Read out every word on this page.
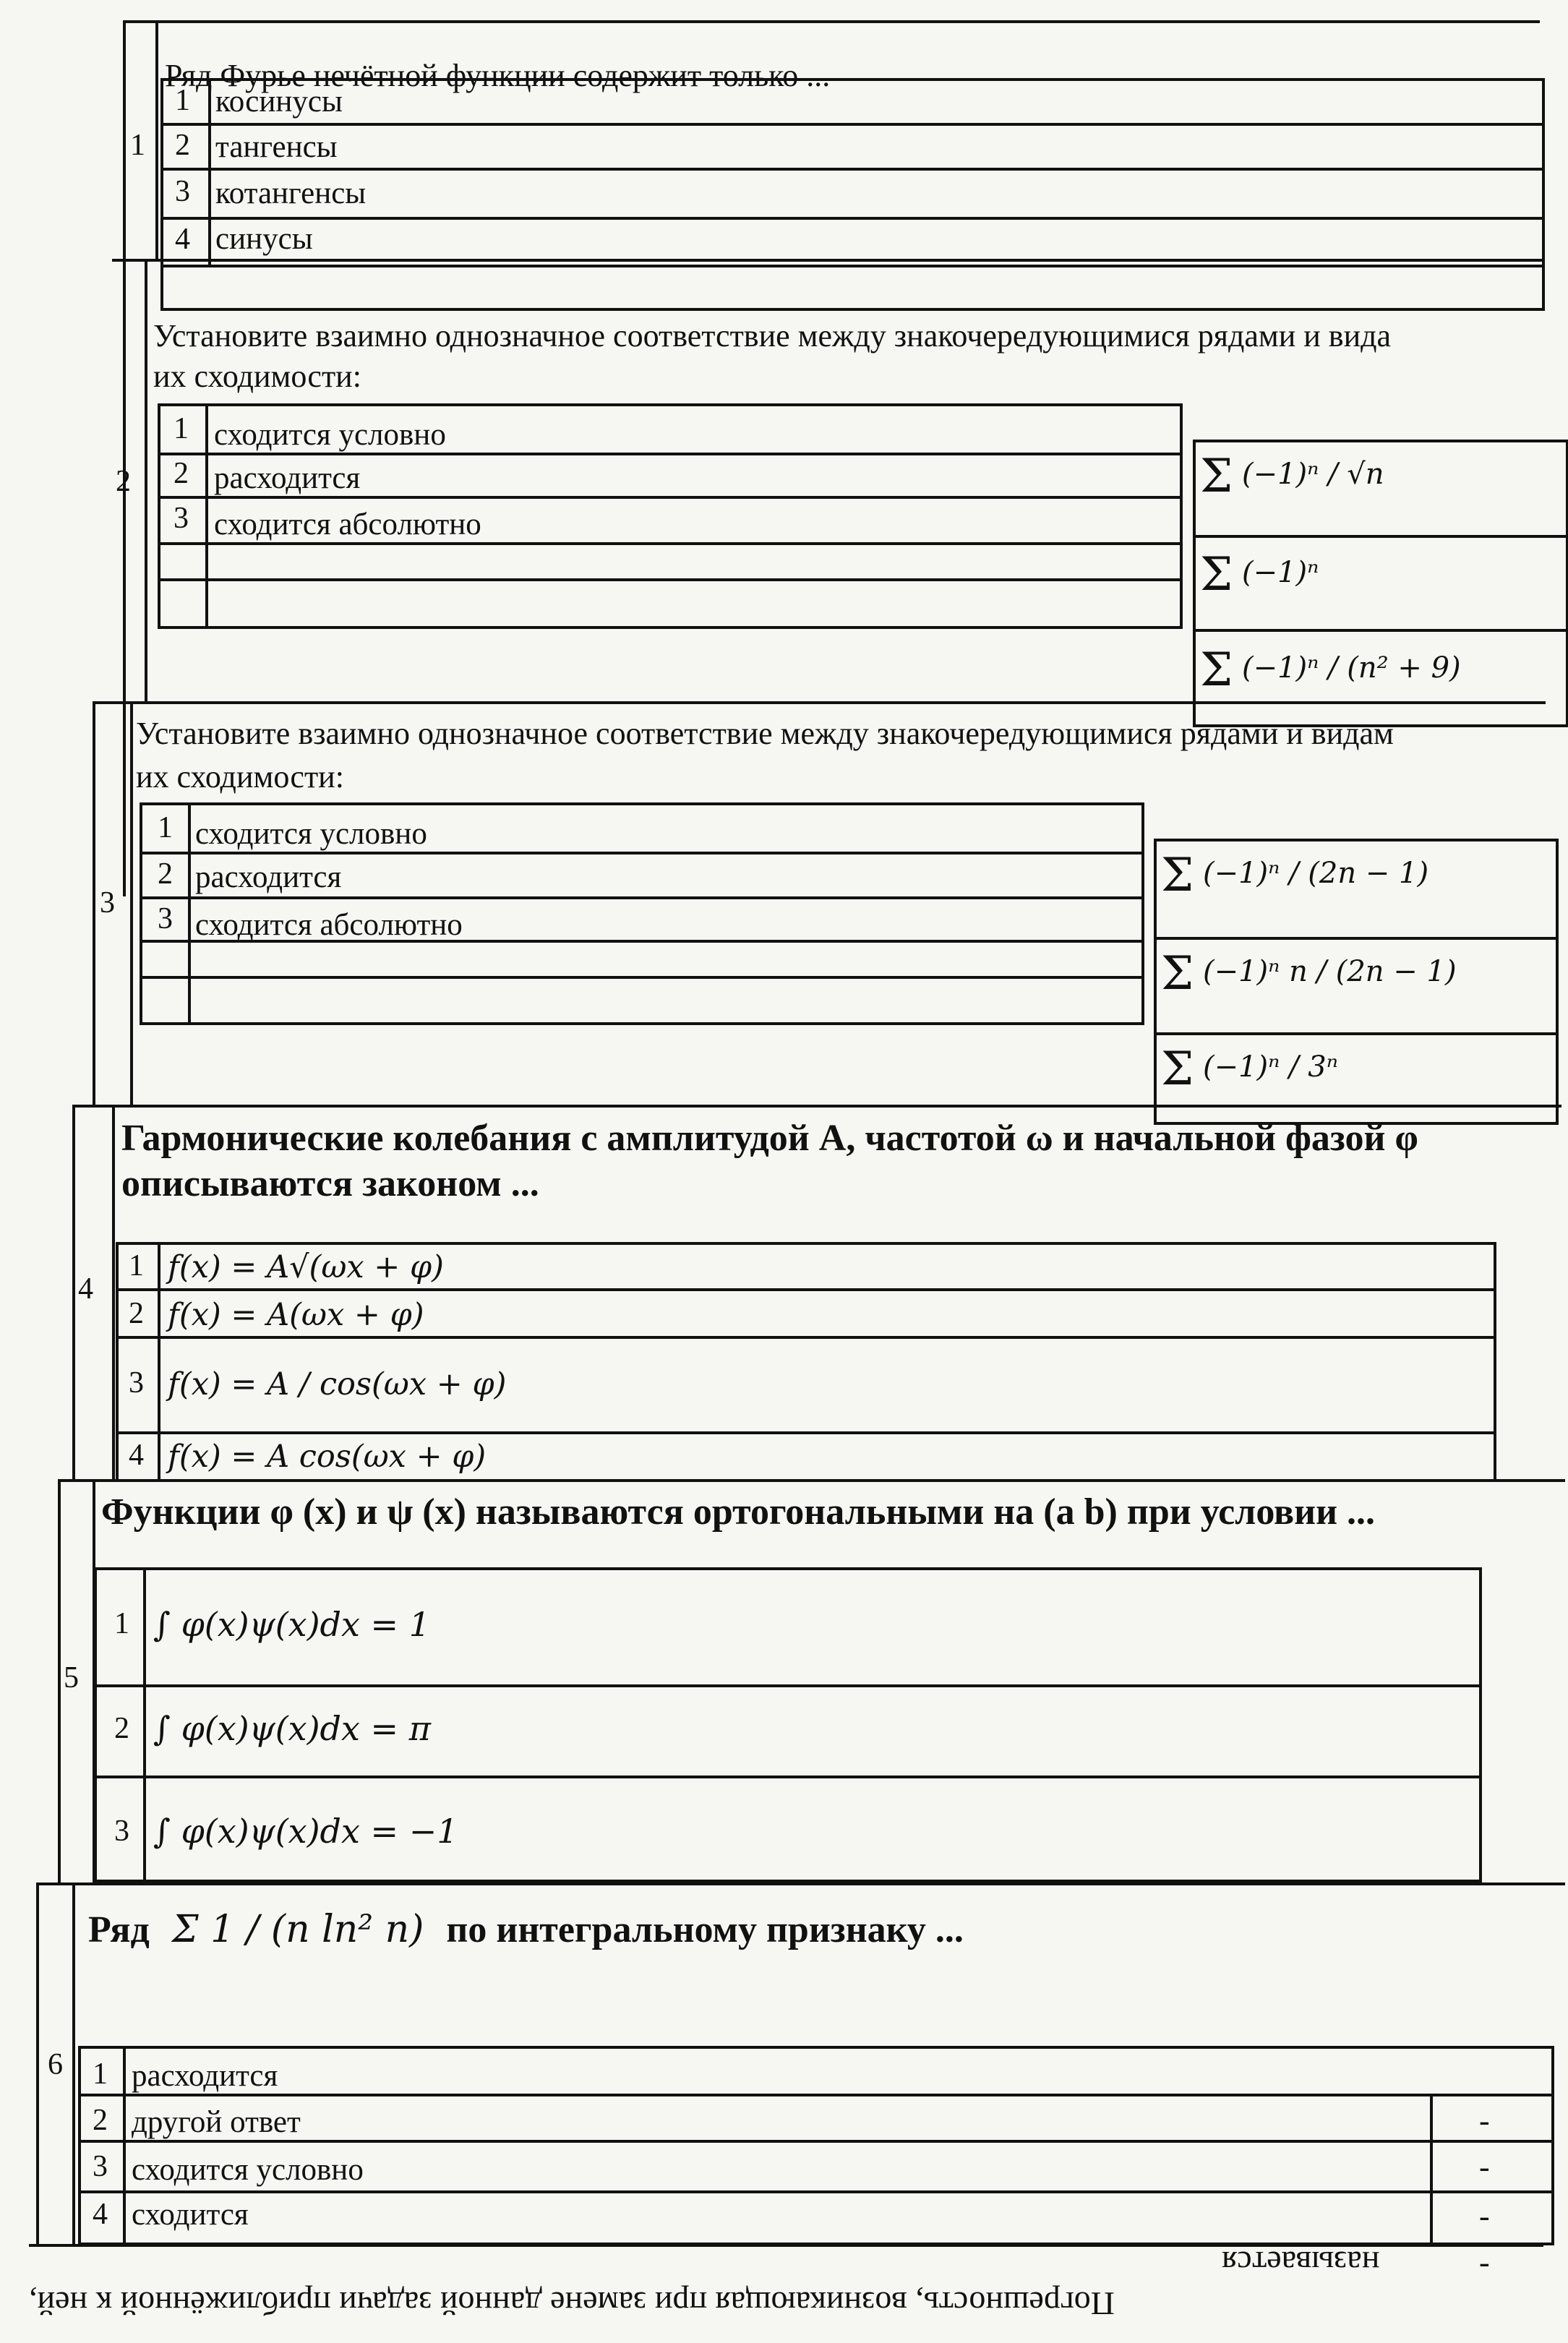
1
Ряд Фурье нечётной функции содержит только ...
1 косинусы
2 тангенсы
3 котангенсы
4 синусы
2
Установите взаимно однозначное соответствие между знакочередующимися рядами и вида
их сходимости:
1 сходится условно
2 расходится
3 сходится абсолютно
Σ (−1)ⁿ / √n
Σ (−1)ⁿ
Σ (−1)ⁿ / (n² + 9)
3
Установите взаимно однозначное соответствие между знакочередующимися рядами и видам
их сходимости:
1 сходится условно
2 расходится
3 сходится абсолютно
Σ (−1)ⁿ / (2n − 1)
Σ (−1)ⁿ n / (2n − 1)
Σ (−1)ⁿ / 3ⁿ
4
Гармонические колебания с амплитудой A, частотой ω и начальной фазой φ
описываются законом ...
1 f(x) = A√(ωx + φ)
2 f(x) = A(ωx + φ)
3 f(x) = A / cos(ωx + φ)
4 f(x) = A cos(ωx + φ)
5
Функции φ (x) и ψ (x) называются ортогональными на (a b) при условии ...
1 ∫ φ(x)ψ(x)dx = 1
2 ∫ φ(x)ψ(x)dx = π
3 ∫ φ(x)ψ(x)dx = −1
6
Ряд Σ 1 / (n ln² n) по интегральному признаку ...
1 расходится
2 другой ответ
3 сходится условно
4 сходится
-
-
-
-
называется
Погрешность, возникающая при замене данной задачи приближённой к ней,
